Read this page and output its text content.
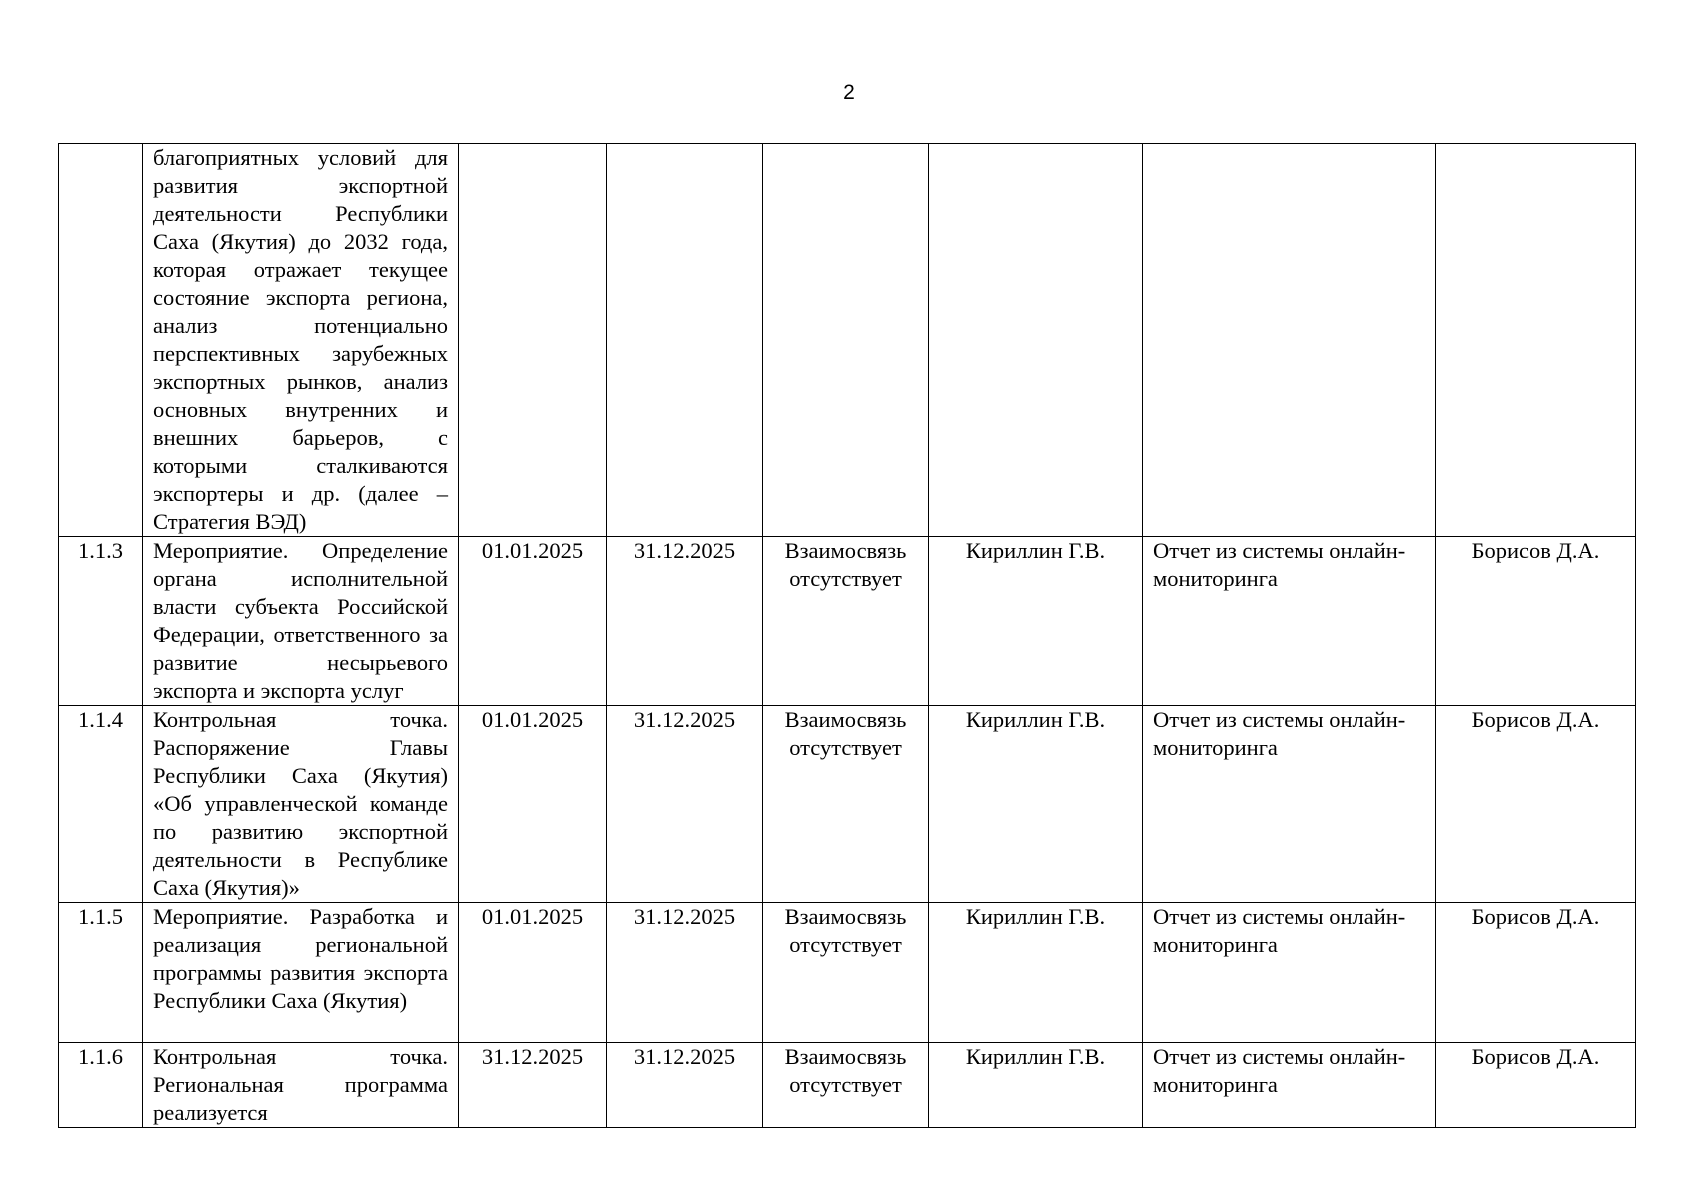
2
	благоприятных условий для развития экспортной деятельности Республики Саха (Якутия) до 2032 года, которая отражает текущее состояние экспорта региона, анализ потенциально перспективных зарубежных экспортных рынков, анализ основных внутренних и внешних барьеров, с которыми сталкиваются экспортеры и др. (далее – Стратегия ВЭД)						
1.1.3	Мероприятие. Определение органа исполнительной власти субъекта Российской Федерации, ответственного за развитие несырьевого экспорта и экспорта услуг	01.01.2025	31.12.2025	Взаимосвязь отсутствует	Кириллин Г.В.	Отчет из системы онлайн-мониторинга	Борисов Д.А.
1.1.4	Контрольная точка. Распоряжение Главы Республики Саха (Якутия) «Об управленческой команде по развитию экспортной деятельности в Республике Саха (Якутия)»	01.01.2025	31.12.2025	Взаимосвязь отсутствует	Кириллин Г.В.	Отчет из системы онлайн-мониторинга	Борисов Д.А.
1.1.5	Мероприятие. Разработка и реализация региональной программы развития экспорта Республики Саха (Якутия)	01.01.2025	31.12.2025	Взаимосвязь отсутствует	Кириллин Г.В.	Отчет из системы онлайн-мониторинга	Борисов Д.А.
1.1.6	Контрольная точка. Региональная программа реализуется	31.12.2025	31.12.2025	Взаимосвязь отсутствует	Кириллин Г.В.	Отчет из системы онлайн-мониторинга	Борисов Д.А.
